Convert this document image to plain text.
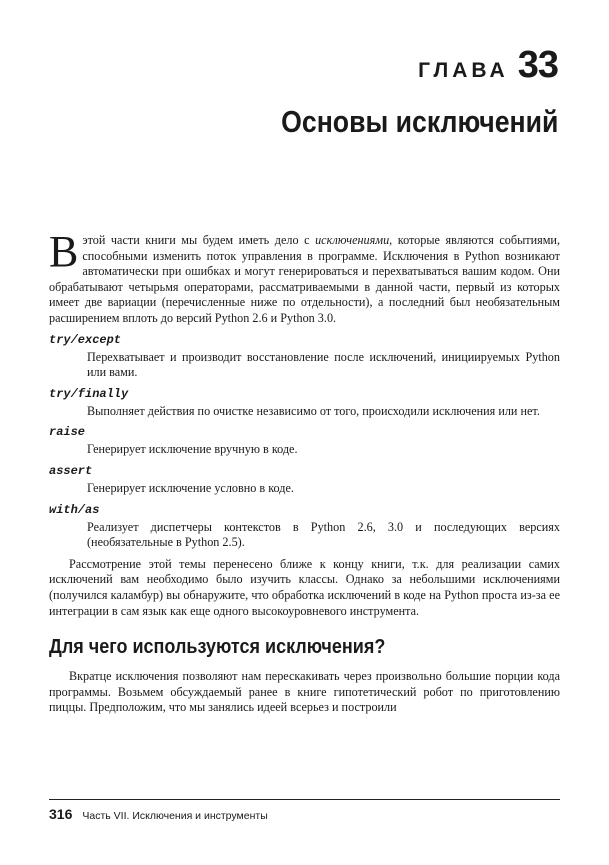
ГЛАВА 33
Основы исключений

В этой части книги мы будем иметь дело с исключениями, которые являются событиями, способными изменить поток управления в программе. Исключения в Python возникают автоматически при ошибках и могут генерироваться и перехватываться вашим кодом. Они обрабатывают четырьмя операторами, рассматриваемыми в данной части, первый из которых имеет две вариации (перечисленные ниже по отдельности), а последний был необязательным расширением вплоть до версий Python 2.6 и Python 3.0.

try/except
Перехватывает и производит восстановление после исключений, инициируемых Python или вами.
try/finally
Выполняет действия по очистке независимо от того, происходили исключения или нет.
raise
Генерирует исключение вручную в коде.
assert
Генерирует исключение условно в коде.
with/as
Реализует диспетчеры контекстов в Python 2.6, 3.0 и последующих версиях (необязательные в Python 2.5).

Рассмотрение этой темы перенесено ближе к концу книги, т.к. для реализации самих исключений вам необходимо было изучить классы. Однако за небольшими исключениями (получился каламбур) вы обнаружите, что обработка исключений в коде на Python проста из-за ее интеграции в сам язык как еще одного высокоуровневого инструмента.

Для чего используются исключения?

Вкратце исключения позволяют нам перескакивать через произвольно большие порции кода программы. Возьмем обсуждаемый ранее в книге гипотетический робот по приготовлению пиццы. Предположим, что мы занялись идеей всерьез и построили

316 Часть VII. Исключения и инструменты
